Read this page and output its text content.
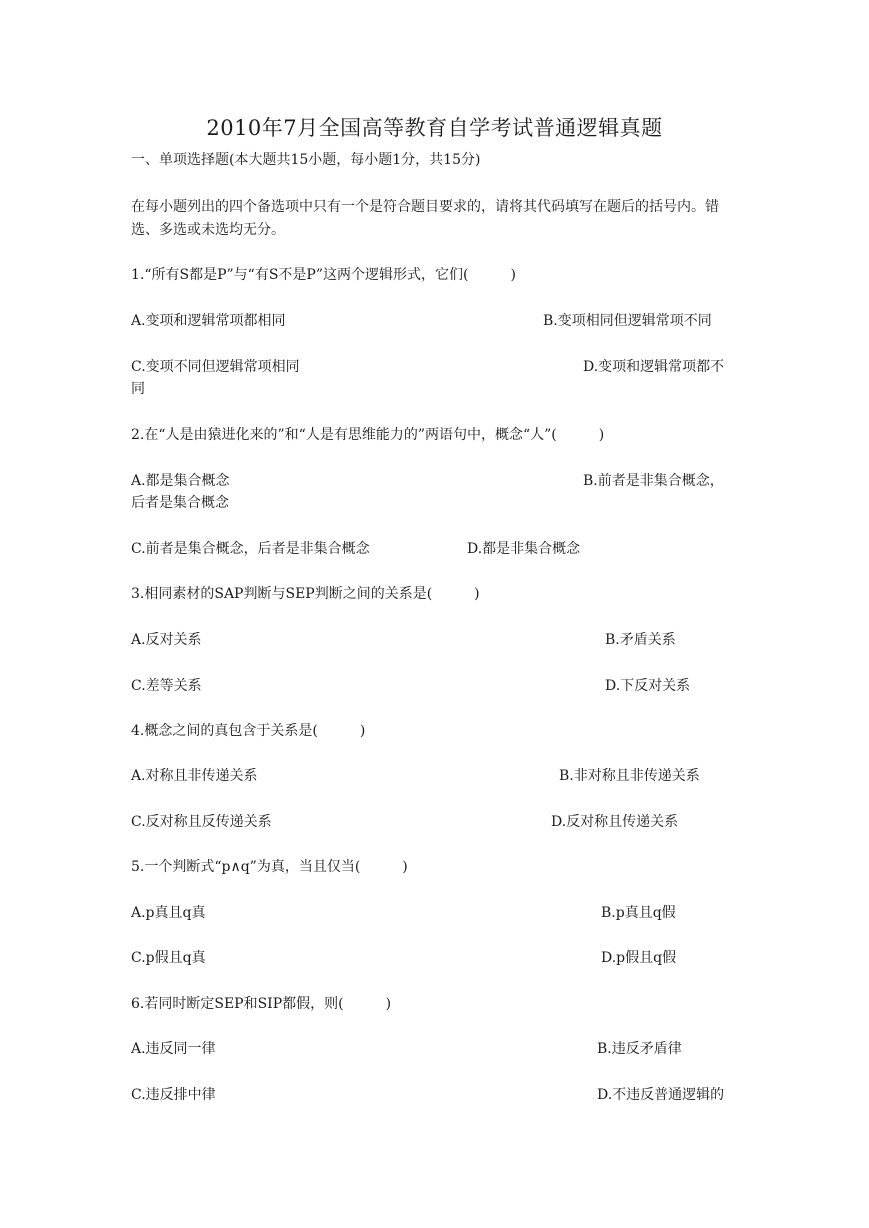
2010年7月全国高等教育自学考试普通逻辑真题
一、单项选择题(本大题共15小题，每小题1分，共15分)
在每小题列出的四个备选项中只有一个是符合题目要求的，请将其代码填写在题后的括号内。错选、多选或未选均无分。
1.“所有S都是P”与“有S不是P”这两个逻辑形式，它们(　　　)
A.变项和逻辑常项都相同	B.变项相同但逻辑常项不同
C.变项不同但逻辑常项相同	D.变项和逻辑常项都不
同
2.在“人是由猿进化来的”和“人是有思维能力的”两语句中，概念“人”(　　　)
A.都是集合概念	B.前者是非集合概念，
后者是集合概念
C.前者是集合概念，后者是非集合概念	D.都是非集合概念
3.相同素材的SAP判断与SEP判断之间的关系是(　　　)
A.反对关系	B.矛盾关系
C.差等关系	D.下反对关系
4.概念之间的真包含于关系是(　　　)
A.对称且非传递关系	B.非对称且非传递关系
C.反对称且反传递关系	D.反对称且传递关系
5.一个判断式“p∧q”为真，当且仅当(　　　)
A.p真且q真	B.p真且q假
C.p假且q真	D.p假且q假
6.若同时断定SEP和SIP都假，则(　　　)
A.违反同一律	B.违反矛盾律
C.违反排中律	D.不违反普通逻辑的
